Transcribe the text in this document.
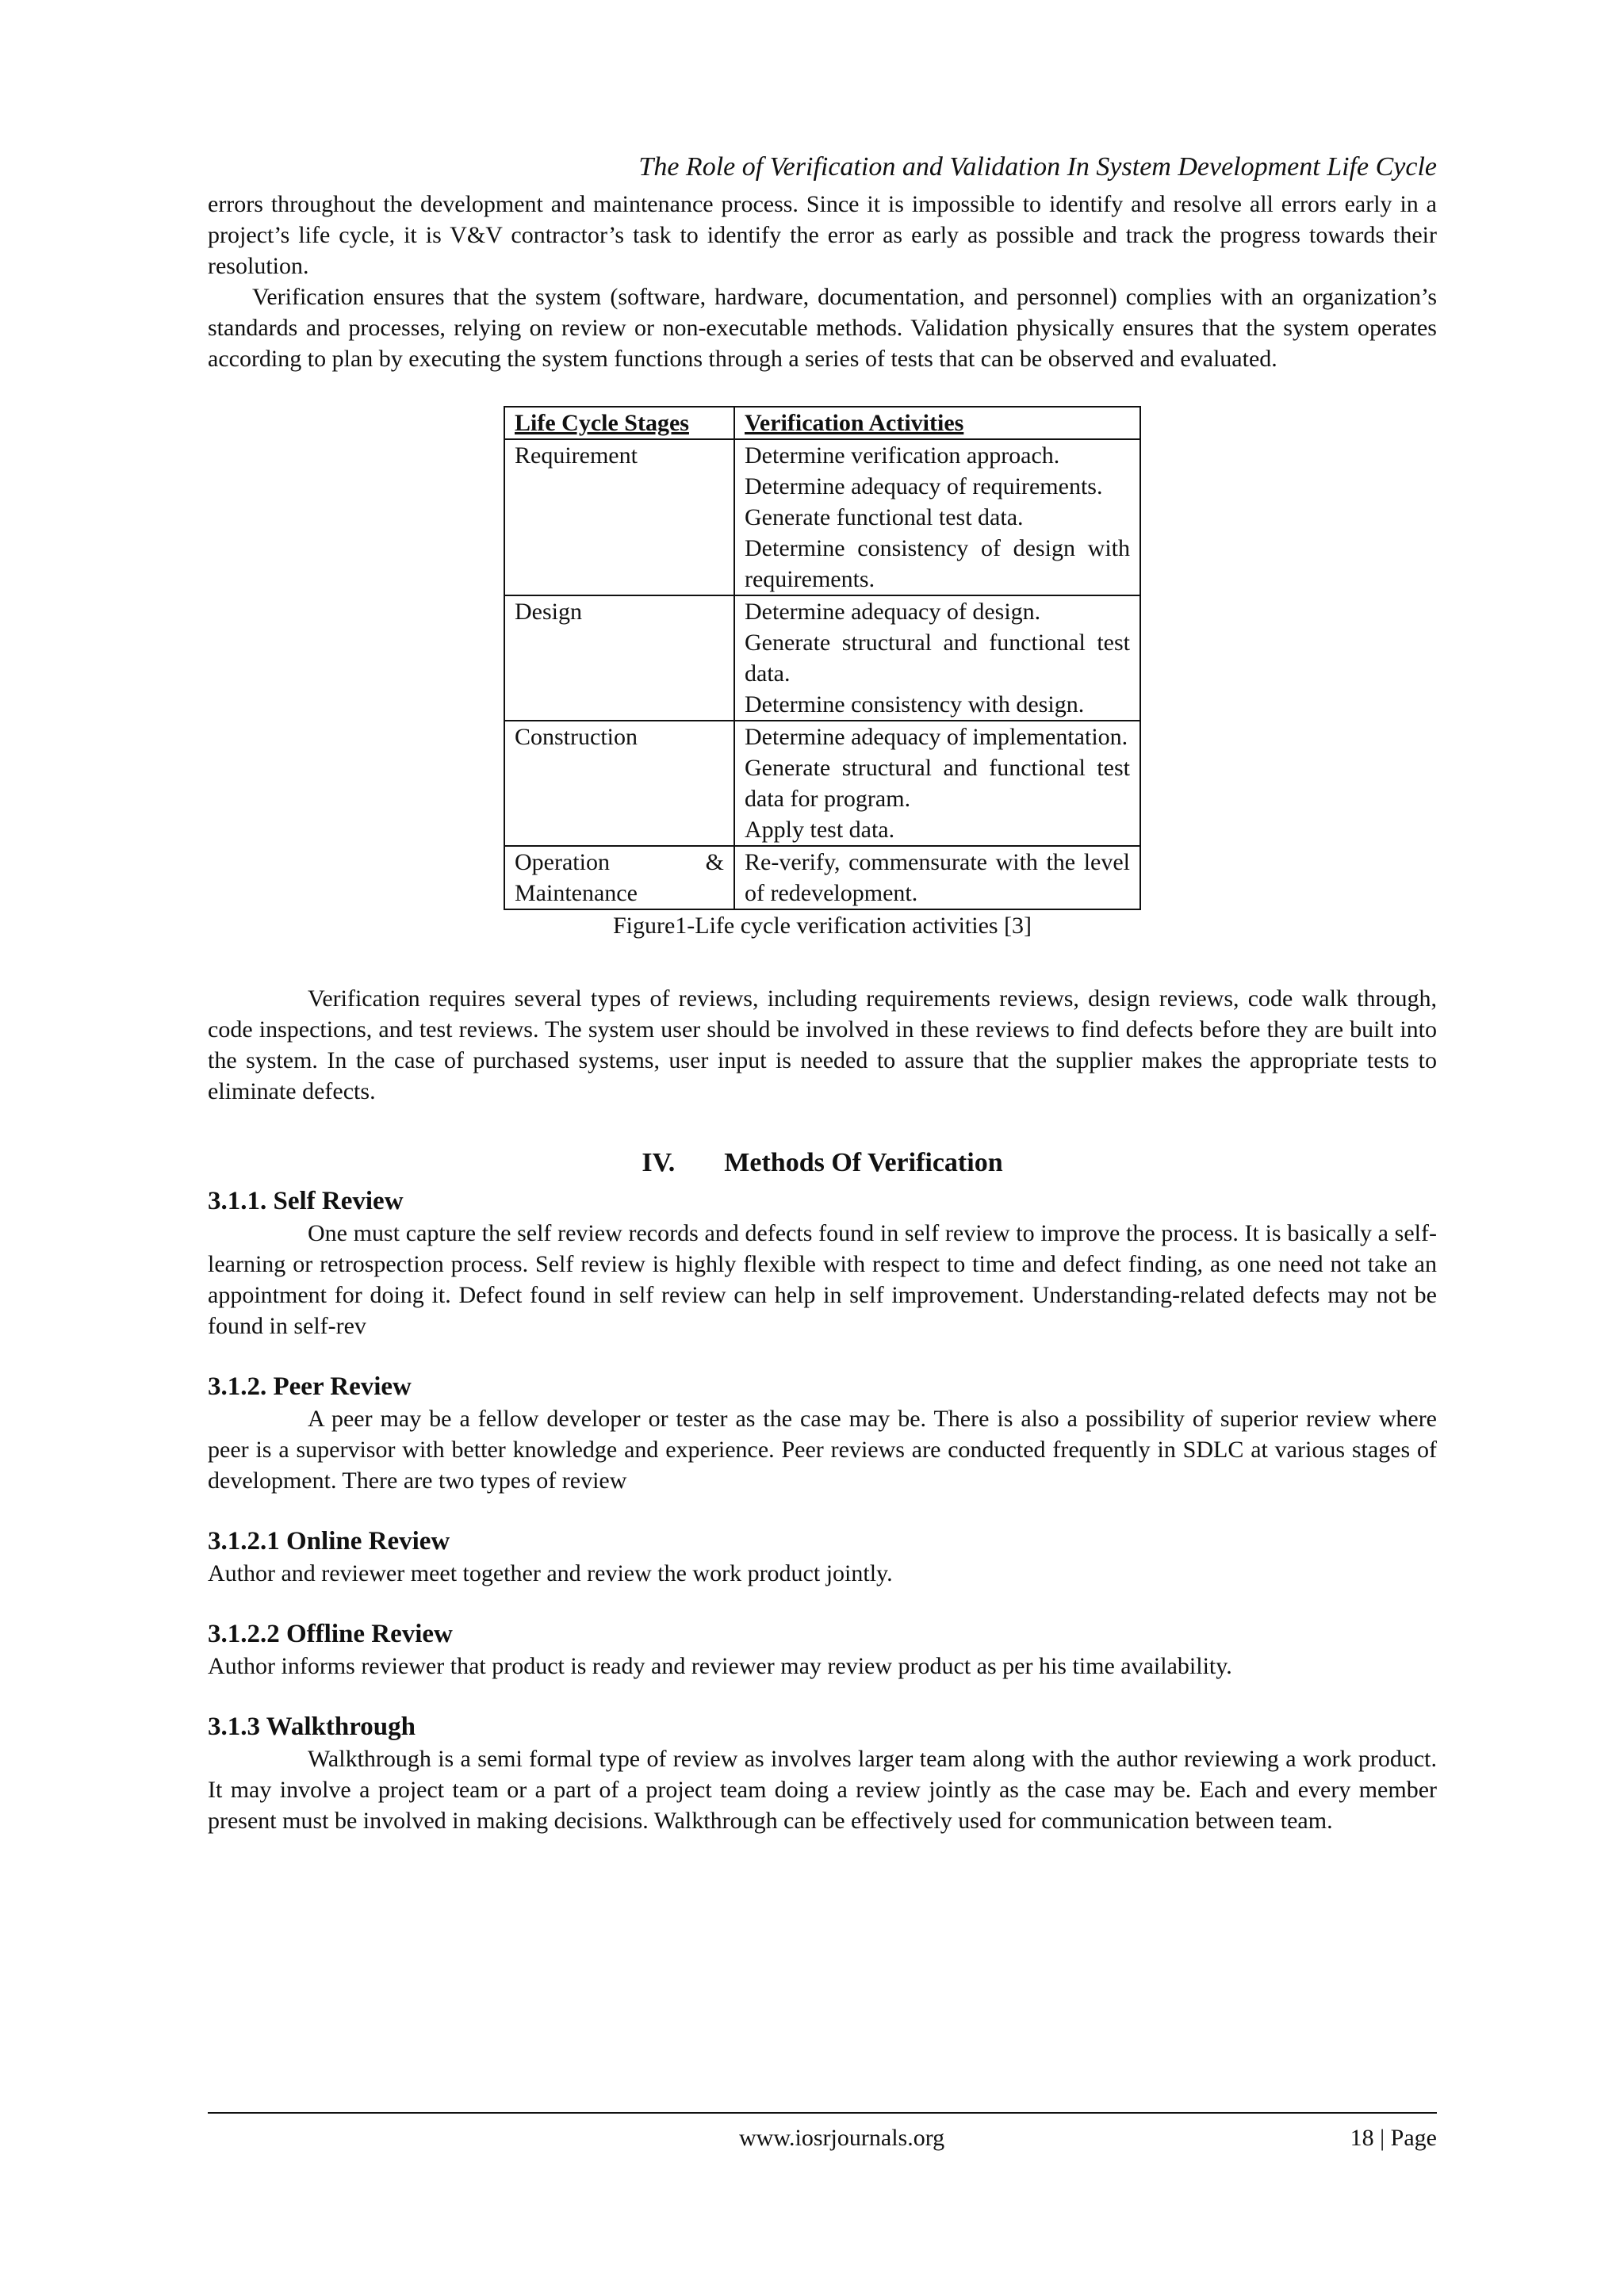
The Role of Verification and Validation In System Development Life Cycle

errors throughout the development and maintenance process. Since it is impossible to identify and resolve all errors early in a project’s life cycle, it is V&V contractor’s task to identify the error as early as possible and track the progress towards their resolution.

Verification ensures that the system (software, hardware, documentation, and personnel) complies with an organization’s standards and processes, relying on review or non-executable methods. Validation physically ensures that the system operates according to plan by executing the system functions through a series of tests that can be observed and evaluated.

Life Cycle Stages	Verification Activities
Requirement	Determine verification approach.
Determine adequacy of requirements.
Generate functional test data.
Determine consistency of design with requirements.

Design	Determine adequacy of design.
Generate structural and functional test data.
Determine consistency with design.

Construction	Determine adequacy of implementation.
Generate structural and functional test data for program.
Apply test data.

Operation & Maintenance	Re-verify, commensurate with the level of redevelopment.
Figure1-Life cycle verification activities [3]

Verification requires several types of reviews, including requirements reviews, design reviews, code walk through, code inspections, and test reviews. The system user should be involved in these reviews to find defects before they are built into the system. In the case of purchased systems, user input is needed to assure that the supplier makes the appropriate tests to eliminate defects.

IV. Methods Of Verification
3.1.1. Self Review

One must capture the self review records and defects found in self review to improve the process. It is basically a self-learning or retrospection process. Self review is highly flexible with respect to time and defect finding, as one need not take an appointment for doing it. Defect found in self review can help in self improvement. Understanding-related defects may not be found in self-rev

3.1.2. Peer Review

A peer may be a fellow developer or tester as the case may be. There is also a possibility of superior review where peer is a supervisor with better knowledge and experience. Peer reviews are conducted frequently in SDLC at various stages of development. There are two types of review

3.1.2.1 Online Review

Author and reviewer meet together and review the work product jointly.

3.1.2.2 Offline Review

Author informs reviewer that product is ready and reviewer may review product as per his time availability.

3.1.3 Walkthrough

Walkthrough is a semi formal type of review as involves larger team along with the author reviewing a work product. It may involve a project team or a part of a project team doing a review jointly as the case may be. Each and every member present must be involved in making decisions. Walkthrough can be effectively used for communication between team.

www.iosrjournals.org	18 | Page
